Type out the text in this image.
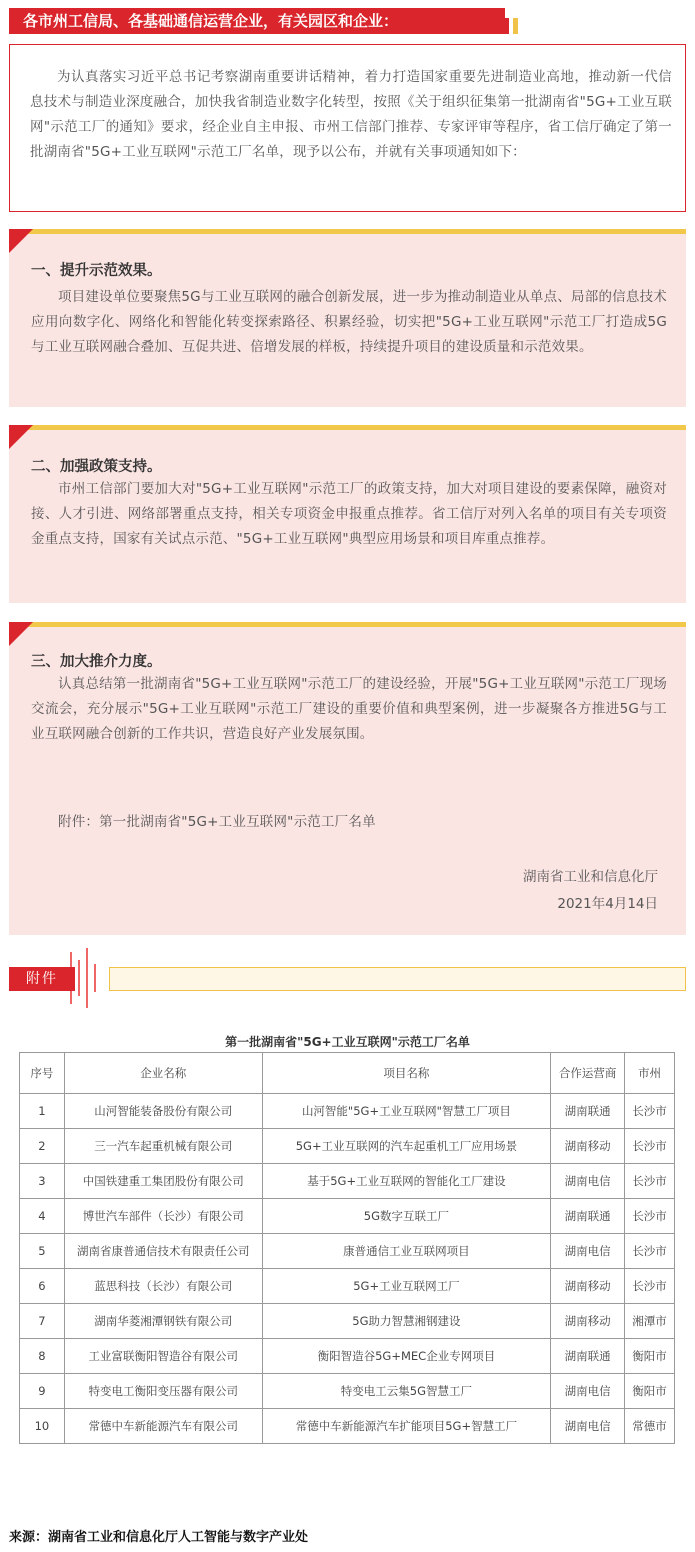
各市州工信局、各基础通信运营企业，有关园区和企业：

为认真落实习近平总书记考察湖南重要讲话精神，着力打造国家重要先进制造业高地，推动新一代信息技术与制造业深度融合，加快我省制造业数字化转型，按照《关于组织征集第一批湖南省"5G+工业互联网"示范工厂的通知》要求，经企业自主申报、市州工信部门推荐、专家评审等程序，省工信厅确定了第一批湖南省"5G+工业互联网"示范工厂名单，现予以公布，并就有关事项通知如下：

一、提升示范效果。

项目建设单位要聚焦5G与工业互联网的融合创新发展，进一步为推动制造业从单点、局部的信息技术应用向数字化、网络化和智能化转变探索路径、积累经验，切实把"5G+工业互联网"示范工厂打造成5G与工业互联网融合叠加、互促共进、倍增发展的样板，持续提升项目的建设质量和示范效果。

二、加强政策支持。

市州工信部门要加大对"5G+工业互联网"示范工厂的政策支持，加大对项目建设的要素保障，融资对接、人才引进、网络部署重点支持，相关专项资金申报重点推荐。省工信厅对列入名单的项目有关专项资金重点支持，国家有关试点示范、"5G+工业互联网"典型应用场景和项目库重点推荐。

三、加大推介力度。

认真总结第一批湖南省"5G+工业互联网"示范工厂的建设经验，开展"5G+工业互联网"示范工厂现场交流会，充分展示"5G+工业互联网"示范工厂建设的重要价值和典型案例，进一步凝聚各方推进5G与工业互联网融合创新的工作共识，营造良好产业发展氛围。

附件：第一批湖南省"5G+工业互联网"示范工厂名单

湖南省工业和信息化厅
2021年4月14日
附件
第一批湖南省"5G+工业互联网"示范工厂名单
序号	企业名称	项目名称	合作运营商	市州
1	山河智能装备股份有限公司	山河智能"5G+工业互联网"智慧工厂项目	湖南联通	长沙市
2	三一汽车起重机械有限公司	5G+工业互联网的汽车起重机工厂应用场景	湖南移动	长沙市
3	中国铁建重工集团股份有限公司	基于5G+工业互联网的智能化工厂建设	湖南电信	长沙市
4	博世汽车部件（长沙）有限公司	5G数字互联工厂	湖南联通	长沙市
5	湖南省康普通信技术有限责任公司	康普通信工业互联网项目	湖南电信	长沙市
6	蓝思科技（长沙）有限公司	5G+工业互联网工厂	湖南移动	长沙市
7	湖南华菱湘潭钢铁有限公司	5G助力智慧湘钢建设	湖南移动	湘潭市
8	工业富联衡阳智造谷有限公司	衡阳智造谷5G+MEC企业专网项目	湖南联通	衡阳市
9	特变电工衡阳变压器有限公司	特变电工云集5G智慧工厂	湖南电信	衡阳市
10	常德中车新能源汽车有限公司	常德中车新能源汽车扩能项目5G+智慧工厂	湖南电信	常德市
来源：湖南省工业和信息化厅人工智能与数字产业处
